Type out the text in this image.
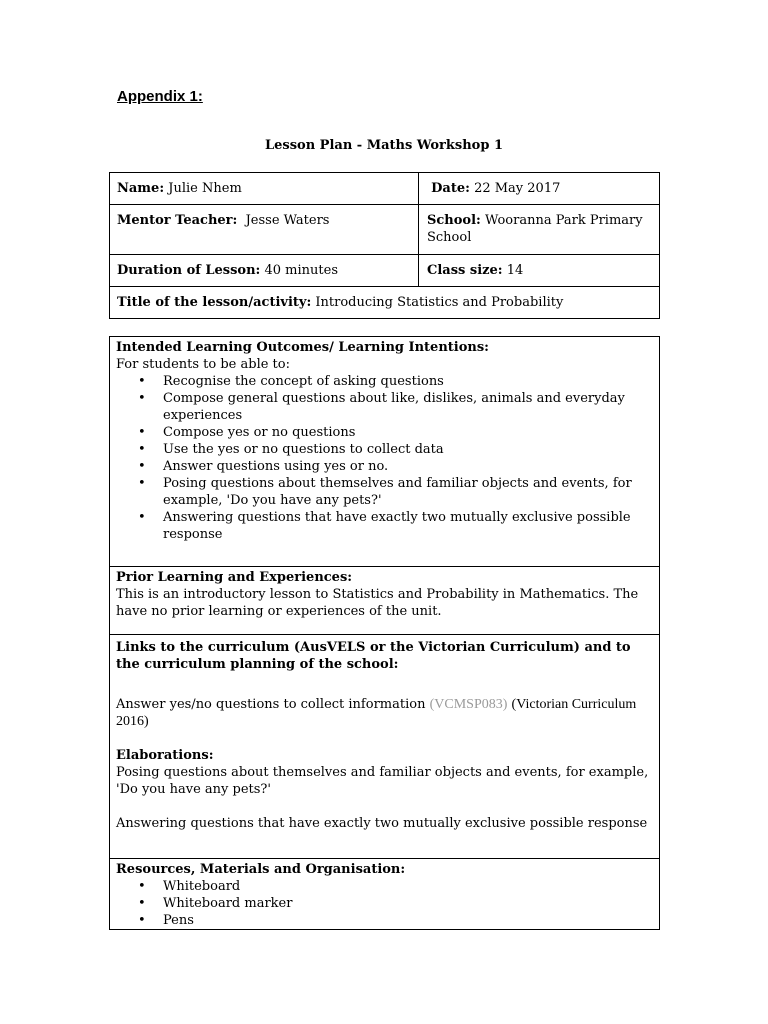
Appendix 1:
Lesson Plan - Maths Workshop 1
Name: Julie Nhem	Date: 22 May 2017
Mentor Teacher: Jesse Waters	School: Wooranna Park Primary School
Duration of Lesson: 40 minutes	Class size: 14
Title of the lesson/activity: Introducing Statistics and Probability	
Intended Learning Outcomes/ Learning Intentions:
For students to be able to:
• Recognise the concept of asking questions
• Compose general questions about like, dislikes, animals and everyday experiences
• Compose yes or no questions
• Use the yes or no questions to collect data
• Answer questions using yes or no.
• Posing questions about themselves and familiar objects and events, for example, 'Do you have any pets?'
• Answering questions that have exactly two mutually exclusive possible response

Prior Learning and Experiences:
This is an introductory lesson to Statistics and Probability in Mathematics. The have no prior learning or experiences of the unit.
Links to the curriculum (AusVELS or the Victorian Curriculum) and to the curriculum planning of the school:
Answer yes/no questions to collect information (VCMSP083) (Victorian Curriculum 2016)
Elaborations:
Posing questions about themselves and familiar objects and events, for example, 'Do you have any pets?'
Answering questions that have exactly two mutually exclusive possible response
Resources, Materials and Organisation:
• Whiteboard
• Whiteboard marker
• Pens
